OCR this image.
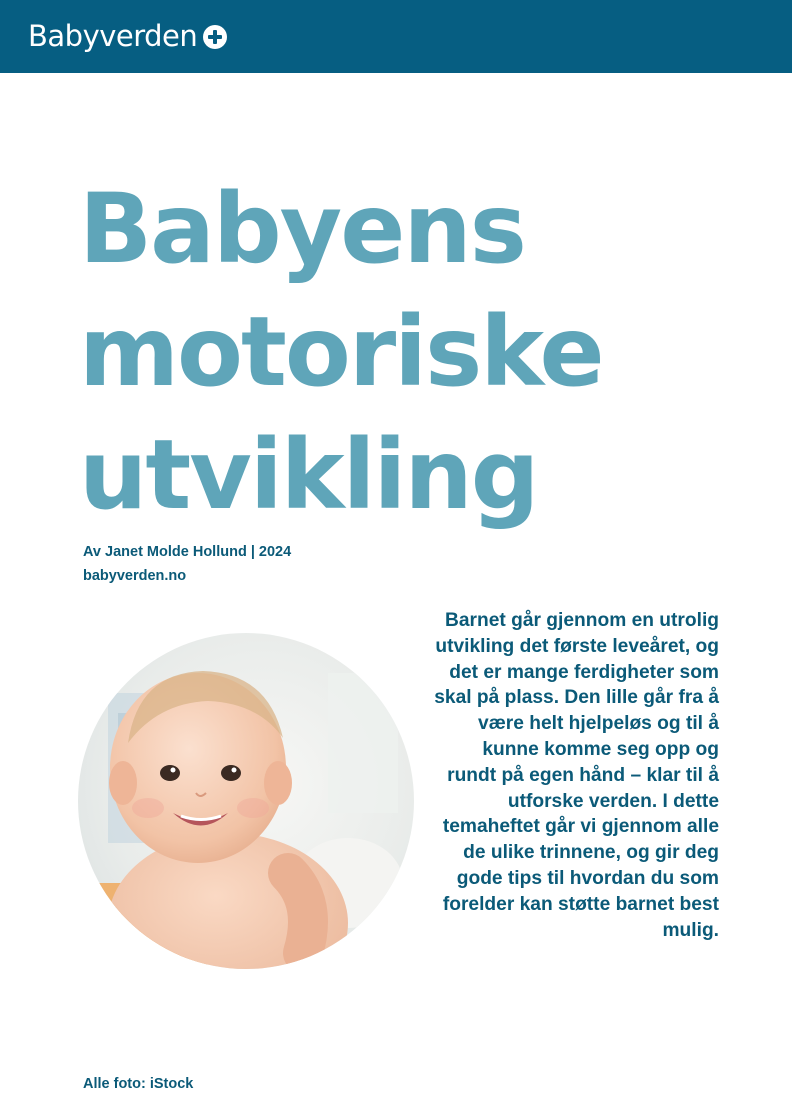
Babyverden
Babyens
motoriske
utvikling
Av Janet Molde Hollund | 2024
babyverden.no

Barnet går gjennom en utrolig utvikling det første leveåret, og det er mange ferdigheter som skal på plass. Den lille går fra å være helt hjelpeløs og til å kunne komme seg opp og rundt på egen hånd – klar til å utforske verden. I dette temaheftet går vi gjennom alle de ulike trinnene, og gir deg gode tips til hvordan du som forelder kan støtte barnet best mulig.

Alle foto: iStock
